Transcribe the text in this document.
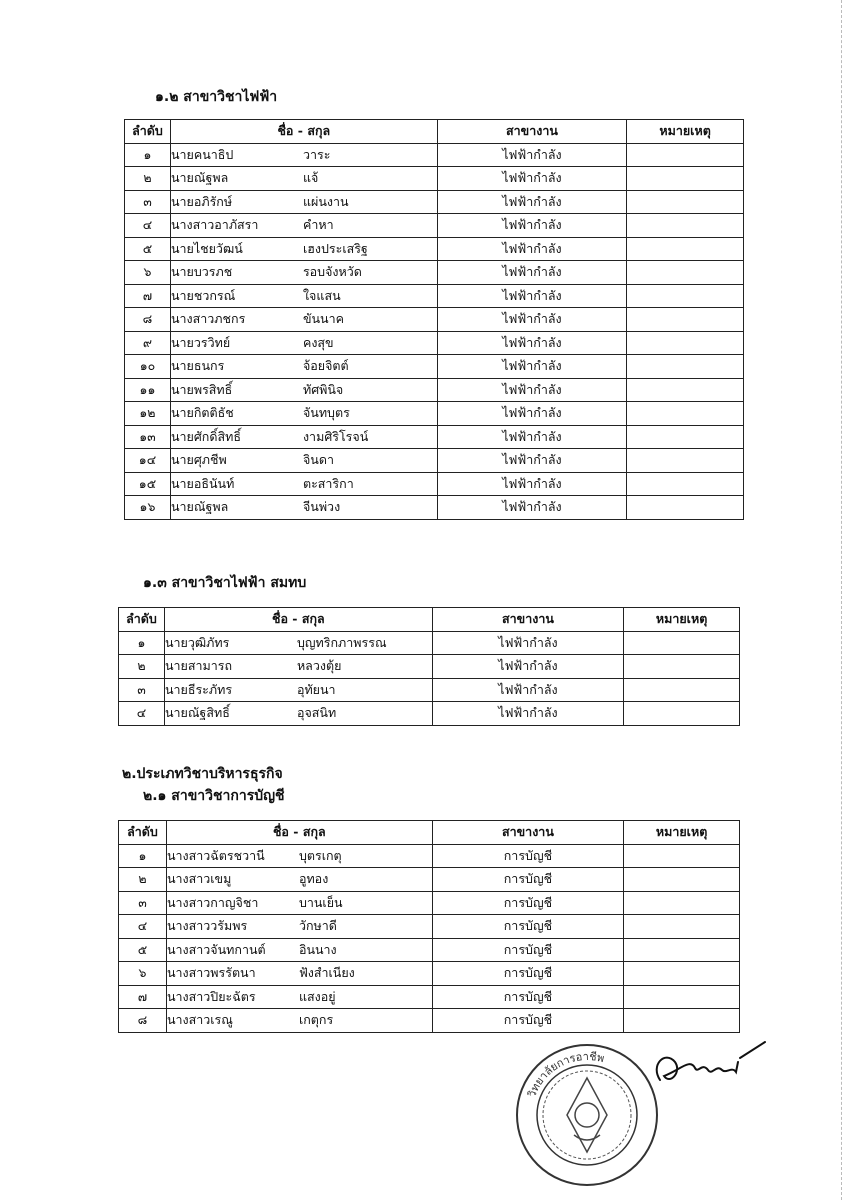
๑.๒ สาขาวิชาไฟฟ้า
ลำดับ	ชื่อ - สกุล	สาขางาน	หมายเหตุ
๑	นายคนาธิป วาระ	ไฟฟ้ากำลัง	
๒	นายณัฐพล แจ้	ไฟฟ้ากำลัง	
๓	นายอภิรักษ์ แผ่นงาน	ไฟฟ้ากำลัง	
๔	นางสาวอาภัสรา คำหา	ไฟฟ้ากำลัง	
๕	นายไชยวัฒน์ เฮงประเสริฐ	ไฟฟ้ากำลัง	
๖	นายบวรภช รอบจังหวัด	ไฟฟ้ากำลัง	
๗	นายชวกรณ์ ใจแสน	ไฟฟ้ากำลัง	
๘	นางสาวภชกร ขันนาค	ไฟฟ้ากำลัง	
๙	นายวรวิทย์ คงสุข	ไฟฟ้ากำลัง	
๑๐	นายธนกร จ้อยจิตต์	ไฟฟ้ากำลัง	
๑๑	นายพรสิทธิ์ ทัศพินิจ	ไฟฟ้ากำลัง	
๑๒	นายกิตติธัช จันทบุตร	ไฟฟ้ากำลัง	
๑๓	นายศักดิ์สิทธิ์ งามศิริโรจน์	ไฟฟ้ากำลัง	
๑๔	นายศุภชีพ จินดา	ไฟฟ้ากำลัง	
๑๕	นายอธินันท์ ตะสาริกา	ไฟฟ้ากำลัง	
๑๖	นายณัฐพล จีนพ่วง	ไฟฟ้ากำลัง	
๑.๓ สาขาวิชาไฟฟ้า สมทบ
ลำดับ	ชื่อ - สกุล	สาขางาน	หมายเหตุ
๑	นายวุฒิภัทร บุญทริกภาพรรณ	ไฟฟ้ากำลัง	
๒	นายสามารถ หลวงตุ้ย	ไฟฟ้ากำลัง	
๓	นายธีระภัทร อุทัยนา	ไฟฟ้ากำลัง	
๔	นายณัฐสิทธิ์ อุจสนิท	ไฟฟ้ากำลัง	
๒.ประเภทวิชาบริหารธุรกิจ
๒.๑ สาขาวิชาการบัญชี
ลำดับ	ชื่อ - สกุล	สาขางาน	หมายเหตุ
๑	นางสาวฉัตรชวานี บุตรเกตุ	การบัญชี	
๒	นางสาวเขมู อูทอง	การบัญชี	
๓	นางสาวกาญจิชา บานเย็น	การบัญชี	
๔	นางสาววรัมพร วักษาดี	การบัญชี	
๕	นางสาวจันทกานต์ อินนาง	การบัญชี	
๖	นางสาวพรรัตนา ฟังสำเนียง	การบัญชี	
๗	นางสาวปิยะฉัตร แสงอยู่	การบัญชี	
๘	นางสาวเรณู เกตุกร	การบัญชี	
วิทยาลัยการอาชีพ
